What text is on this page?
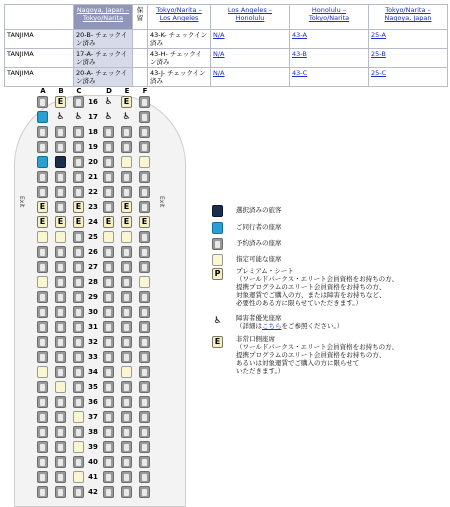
	Nagoya, Japan – Tokyo/Narita	保留	Tokyo/Narita – Los Angeles	Los Angeles – Honolulu	Honolulu – Tokyo/Narita	Tokyo/Narita – Nagoya, Japan
TANJIMA	20-B- チェックイン済み		43-K- チェックイン済み	N/A	43-A	25-A
TANJIMA	17-A- チェックイン済み		43-H- チェックイン済み	N/A	43-B	25-B
TANJIMA	20-A- チェックイン済み		43-J- チェックイン済み	N/A	43-C	25-C
A	B	C	D	E	F
16
E	♿	E
17
♿ ♿ ♿ ♿
18
19
20
21
22
23
E	E	E
24
E	E	E	E	E	E
25
26
27
28
29
30
31
32
33
34
35
36
37
38
39
40
41
42
Exit	Exit
選択済みの旅客
ご同行者の座席
予約済みの座席
指定可能な座席
P	プレミアム・シート
（ワールドパークス・エリート会員資格をお持ちの方、
提携プログラムのエリート会員資格をお持ちの方、
対象運賃でご購入の方、または障害をお持ちなど、
必要性のある方に限らせていただきます。）
♿ 障害者優先座席
（詳細はこちらをご参照ください。）
E	非常口側座席
（ワールドパークス・エリート会員資格をお持ちの方、
提携プログラムのエリート会員資格をお持ちの方、
あるいは対象運賃でご購入の方に限らせて
いただきます。）
